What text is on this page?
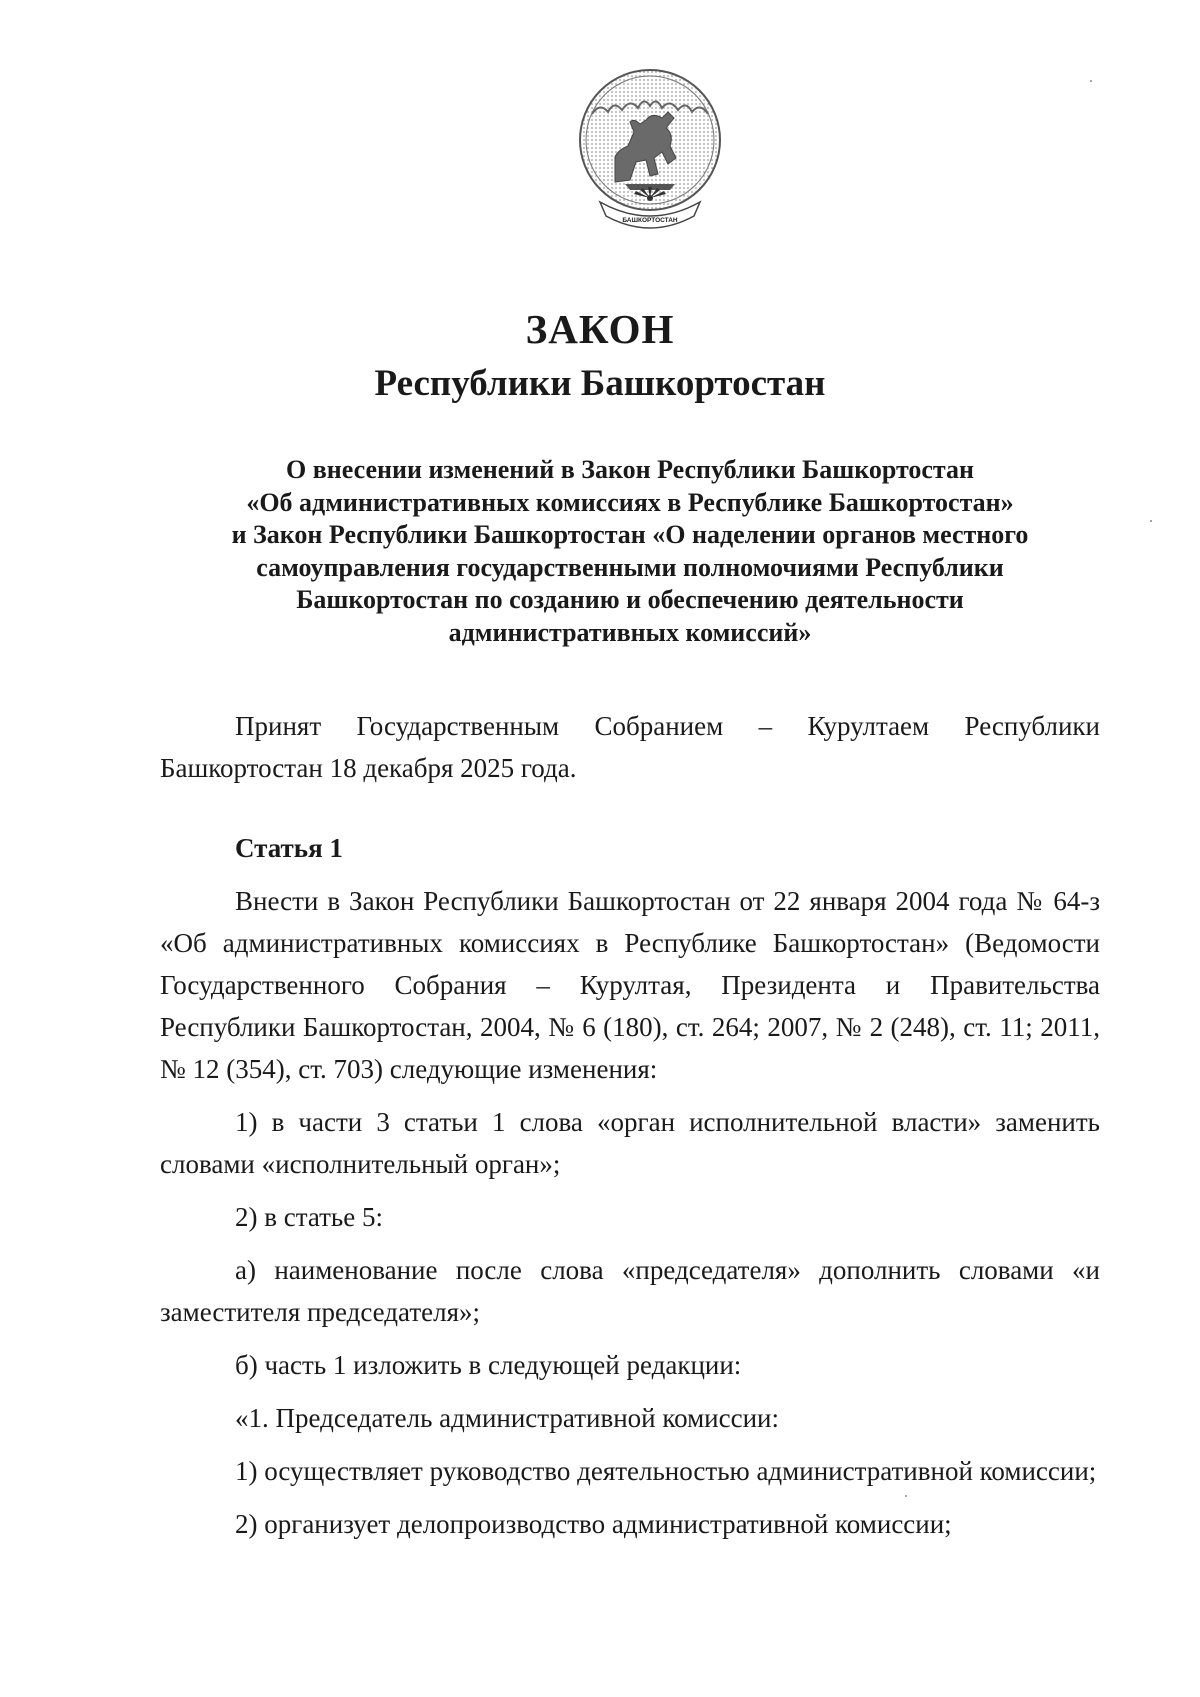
БАШКОРТОСТАН
ЗАКОН
Республики Башкортостан
О внесении изменений в Закон Республики Башкортостан
«Об административных комиссиях в Республике Башкортостан»
и Закон Республики Башкортостан «О наделении органов местного
самоуправления государственными полномочиями Республики
Башкортостан по созданию и обеспечению деятельности
административных комиссий»

Принят Государственным Собранием – Курултаем Республики Башкортостан 18 декабря 2025 года.

Статья 1

Внести в Закон Республики Башкортостан от 22 января 2004 года № 64-з «Об административных комиссиях в Республике Башкортостан» (Ведомости Государственного Собрания – Курултая, Президента и Правительства Республики Башкортостан, 2004, № 6 (180), ст. 264; 2007, № 2 (248), ст. 11; 2011, № 12 (354), ст. 703) следующие изменения:

1) в части 3 статьи 1 слова «орган исполнительной власти» заменить словами «исполнительный орган»;

2) в статье 5:

а) наименование после слова «председателя» дополнить словами «и заместителя председателя»;

б) часть 1 изложить в следующей редакции:

«1. Председатель административной комиссии:

1) осуществляет руководство деятельностью административной комиссии;

2) организует делопроизводство административной комиссии;
